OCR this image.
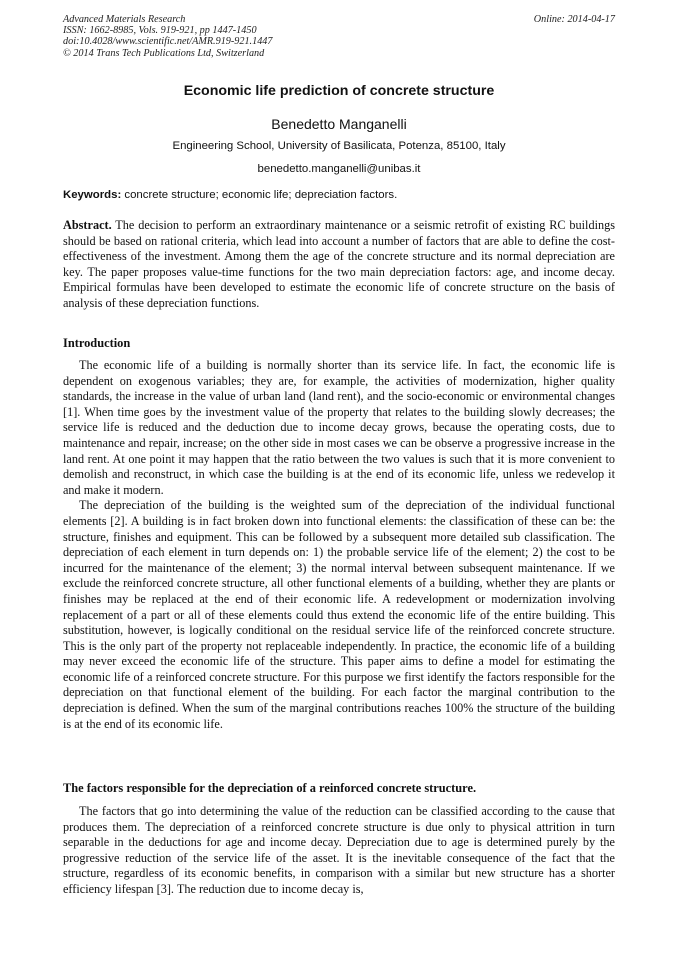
Advanced Materials Research
ISSN: 1662-8985, Vols. 919-921, pp 1447-1450
doi:10.4028/www.scientific.net/AMR.919-921.1447
© 2014 Trans Tech Publications Ltd, Switzerland
Online: 2014-04-17
Economic life prediction of concrete structure
Benedetto Manganelli
Engineering School, University of Basilicata, Potenza, 85100, Italy
benedetto.manganelli@unibas.it
Keywords: concrete structure; economic life; depreciation factors.
Abstract. The decision to perform an extraordinary maintenance or a seismic retrofit of existing RC buildings should be based on rational criteria, which lead into account a number of factors that are able to define the cost-effectiveness of the investment. Among them the age of the concrete structure and its normal depreciation are key. The paper proposes value-time functions for the two main depreciation factors: age, and income decay. Empirical formulas have been developed to estimate the economic life of concrete structure on the basis of analysis of these depreciation functions.
Introduction

The economic life of a building is normally shorter than its service life. In fact, the economic life is dependent on exogenous variables; they are, for example, the activities of modernization, higher quality standards, the increase in the value of urban land (land rent), and the socio-economic or environmental changes [1]. When time goes by the investment value of the property that relates to the building slowly decreases; the service life is reduced and the deduction due to income decay grows, because the operating costs, due to maintenance and repair, increase; on the other side in most cases we can be observe a progressive increase in the land rent. At one point it may happen that the ratio between the two values is such that it is more convenient to demolish and reconstruct, in which case the building is at the end of its economic life, unless we redevelop it and make it modern.

The depreciation of the building is the weighted sum of the depreciation of the individual functional elements [2]. A building is in fact broken down into functional elements: the classification of these can be: the structure, finishes and equipment. This can be followed by a subsequent more detailed sub classification. The depreciation of each element in turn depends on: 1) the probable service life of the element; 2) the cost to be incurred for the maintenance of the element; 3) the normal interval between subsequent maintenance. If we exclude the reinforced concrete structure, all other functional elements of a building, whether they are plants or finishes may be replaced at the end of their economic life. A redevelopment or modernization involving replacement of a part or all of these elements could thus extend the economic life of the entire building. This substitution, however, is logically conditional on the residual service life of the reinforced concrete structure. This is the only part of the property not replaceable independently. In practice, the economic life of a building may never exceed the economic life of the structure. This paper aims to define a model for estimating the economic life of a reinforced concrete structure. For this purpose we first identify the factors responsible for the depreciation on that functional element of the building. For each factor the marginal contribution to the depreciation is defined. When the sum of the marginal contributions reaches 100% the structure of the building is at the end of its economic life.

The factors responsible for the depreciation of a reinforced concrete structure.

The factors that go into determining the value of the reduction can be classified according to the cause that produces them. The depreciation of a reinforced concrete structure is due only to physical attrition in turn separable in the deductions for age and income decay. Depreciation due to age is determined purely by the progressive reduction of the service life of the asset. It is the inevitable consequence of the fact that the structure, regardless of its economic benefits, in comparison with a similar but new structure has a shorter efficiency lifespan [3]. The reduction due to income decay is,
